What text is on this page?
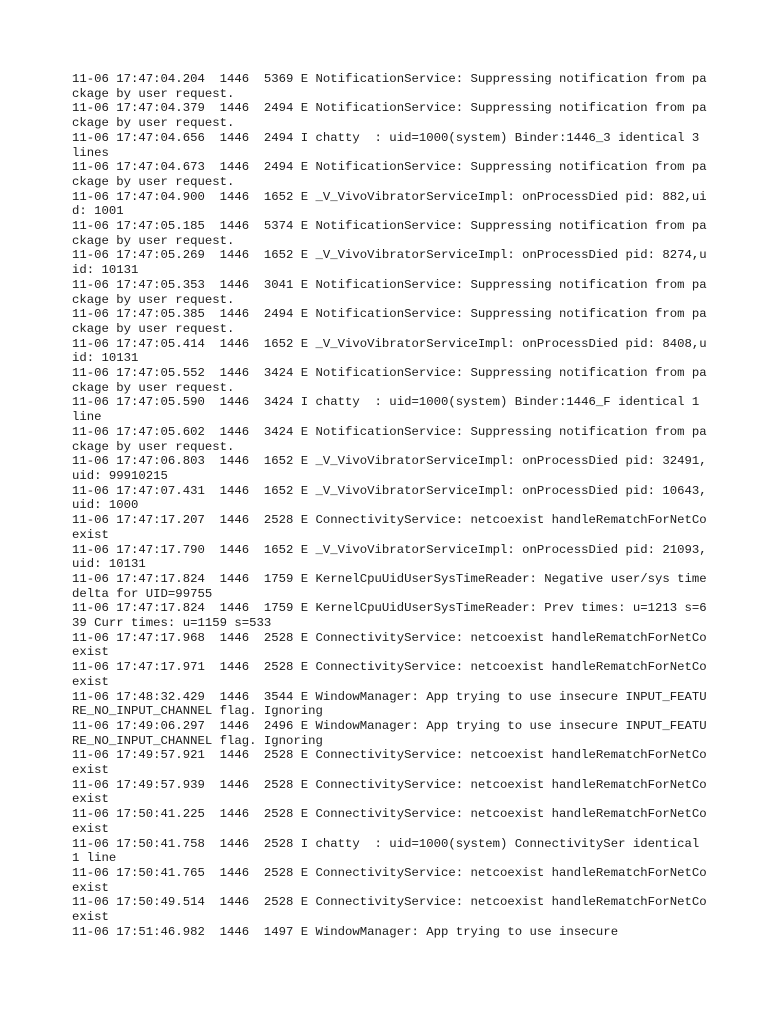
11-06 17:47:04.204  1446  5369 E NotificationService: Suppressing notification from package by user request.
11-06 17:47:04.379  1446  2494 E NotificationService: Suppressing notification from package by user request.
11-06 17:47:04.656  1446  2494 I chatty  : uid=1000(system) Binder:1446_3 identical 3 lines
11-06 17:47:04.673  1446  2494 E NotificationService: Suppressing notification from package by user request.
11-06 17:47:04.900  1446  1652 E _V_VivoVibratorServiceImpl: onProcessDied pid: 882,uid: 1001
11-06 17:47:05.185  1446  5374 E NotificationService: Suppressing notification from package by user request.
11-06 17:47:05.269  1446  1652 E _V_VivoVibratorServiceImpl: onProcessDied pid: 8274,uid: 10131
11-06 17:47:05.353  1446  3041 E NotificationService: Suppressing notification from package by user request.
11-06 17:47:05.385  1446  2494 E NotificationService: Suppressing notification from package by user request.
11-06 17:47:05.414  1446  1652 E _V_VivoVibratorServiceImpl: onProcessDied pid: 8408,uid: 10131
11-06 17:47:05.552  1446  3424 E NotificationService: Suppressing notification from package by user request.
11-06 17:47:05.590  1446  3424 I chatty  : uid=1000(system) Binder:1446_F identical 1 line
11-06 17:47:05.602  1446  3424 E NotificationService: Suppressing notification from package by user request.
11-06 17:47:06.803  1446  1652 E _V_VivoVibratorServiceImpl: onProcessDied pid: 32491,uid: 99910215
11-06 17:47:07.431  1446  1652 E _V_VivoVibratorServiceImpl: onProcessDied pid: 10643,uid: 1000
11-06 17:47:17.207  1446  2528 E ConnectivityService: netcoexist handleRematchForNetCoexist
11-06 17:47:17.790  1446  1652 E _V_VivoVibratorServiceImpl: onProcessDied pid: 21093,uid: 10131
11-06 17:47:17.824  1446  1759 E KernelCpuUidUserSysTimeReader: Negative user/sys time delta for UID=99755
11-06 17:47:17.824  1446  1759 E KernelCpuUidUserSysTimeReader: Prev times: u=1213 s=639 Curr times: u=1159 s=533
11-06 17:47:17.968  1446  2528 E ConnectivityService: netcoexist handleRematchForNetCoexist
11-06 17:47:17.971  1446  2528 E ConnectivityService: netcoexist handleRematchForNetCoexist
11-06 17:48:32.429  1446  3544 E WindowManager: App trying to use insecure INPUT_FEATURE_NO_INPUT_CHANNEL flag. Ignoring
11-06 17:49:06.297  1446  2496 E WindowManager: App trying to use insecure INPUT_FEATURE_NO_INPUT_CHANNEL flag. Ignoring
11-06 17:49:57.921  1446  2528 E ConnectivityService: netcoexist handleRematchForNetCoexist
11-06 17:49:57.939  1446  2528 E ConnectivityService: netcoexist handleRematchForNetCoexist
11-06 17:50:41.225  1446  2528 E ConnectivityService: netcoexist handleRematchForNetCoexist
11-06 17:50:41.758  1446  2528 I chatty  : uid=1000(system) ConnectivitySer identical 1 line
11-06 17:50:41.765  1446  2528 E ConnectivityService: netcoexist handleRematchForNetCoexist
11-06 17:50:49.514  1446  2528 E ConnectivityService: netcoexist handleRematchForNetCoexist
11-06 17:51:46.982  1446  1497 E WindowManager: App trying to use insecure
